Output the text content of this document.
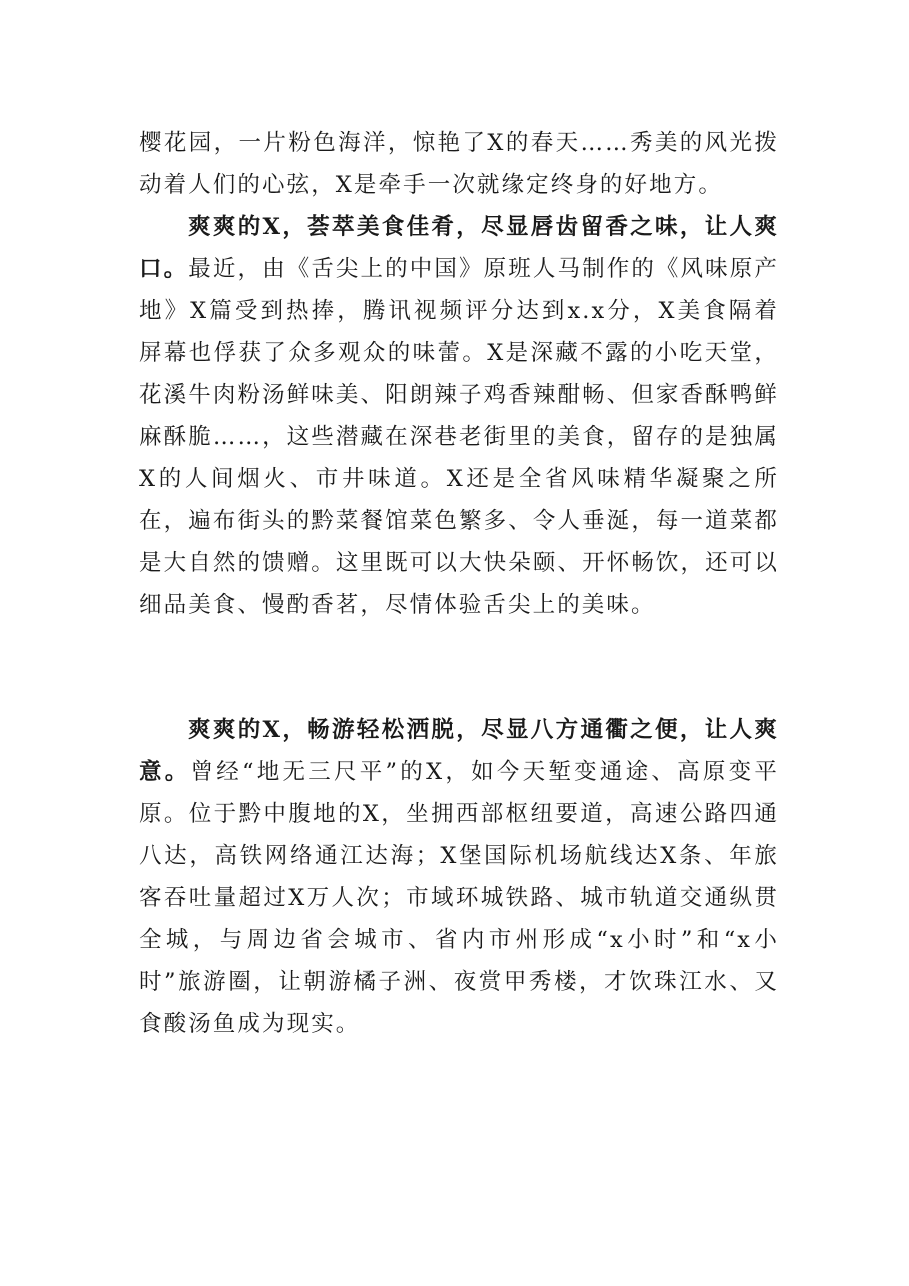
樱花园，一片粉色海洋，惊艳了X的春天……秀美的风光拨动着人们的心弦，X是牵手一次就缘定终身的好地方。

爽爽的X，荟萃美食佳肴，尽显唇齿留香之味，让人爽口。最近，由《舌尖上的中国》原班人马制作的《风味原产地》X篇受到热捧，腾讯视频评分达到x.x分，X美食隔着屏幕也俘获了众多观众的味蕾。X是深藏不露的小吃天堂，花溪牛肉粉汤鲜味美、阳朗辣子鸡香辣酣畅、但家香酥鸭鲜麻酥脆……，这些潜藏在深巷老街里的美食，留存的是独属X的人间烟火、市井味道。X还是全省风味精华凝聚之所在，遍布街头的黔菜餐馆菜色繁多、令人垂涎，每一道菜都是大自然的馈赠。这里既可以大快朵颐、开怀畅饮，还可以细品美食、慢酌香茗，尽情体验舌尖上的美味。

爽爽的X，畅游轻松洒脱，尽显八方通衢之便，让人爽意。曾经“地无三尺平”的X，如今天堑变通途、高原变平原。位于黔中腹地的X，坐拥西部枢纽要道，高速公路四通八达，高铁网络通江达海；X堡国际机场航线达X条、年旅客吞吐量超过X万人次；市域环城铁路、城市轨道交通纵贯全城，与周边省会城市、省内市州形成“x小时”和“x小时”旅游圈，让朝游橘子洲、夜赏甲秀楼，才饮珠江水、又食酸汤鱼成为现实。
